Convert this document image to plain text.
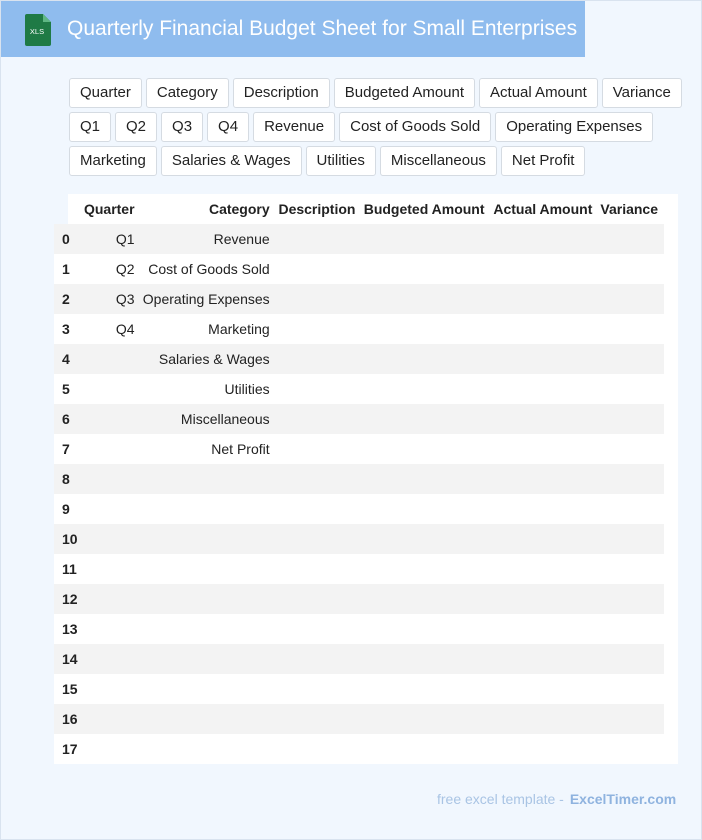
XLS Quarterly Financial Budget Sheet for Small Enterprises
Quarter	Category	Description	Budgeted Amount	Actual Amount	Variance
Q1	Q2	Q3	Q4	Revenue	Cost of Goods Sold	Operating Expenses
Marketing	Salaries & Wages	Utilities	Miscellaneous	Net Profit
	Quarter	Category	Description	Budgeted Amount	Actual Amount	Variance
0	Q1	Revenue				
1	Q2	Cost of Goods Sold				
2	Q3	Operating Expenses				
3	Q4	Marketing				
4		Salaries & Wages				
5		Utilities				
6		Miscellaneous				
7		Net Profit				
8						
9						
10						
11						
12						
13						
14						
15						
16						
17						
free excel template - ExcelTimer.com
